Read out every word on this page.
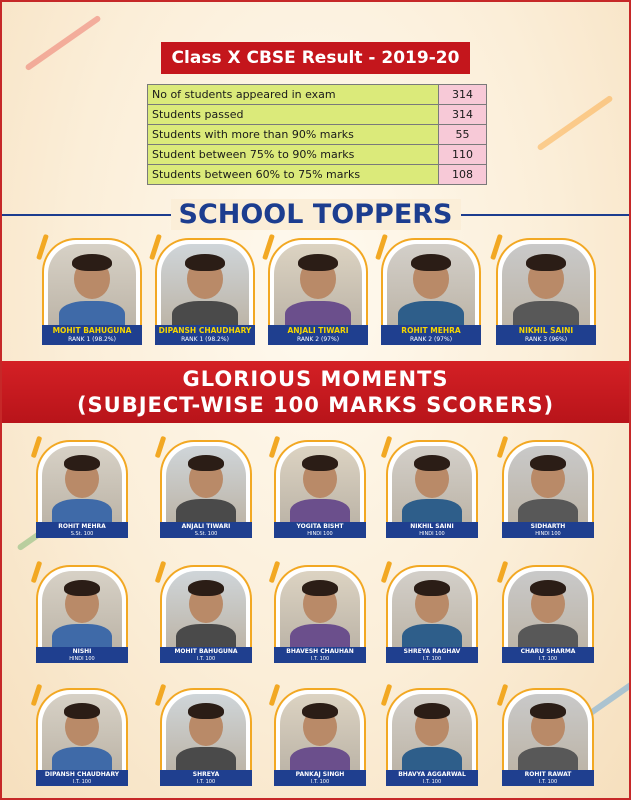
Class X CBSE Result - 2019-20
No of students appeared in exam	314
Students passed	314
Students with more than 90% marks	55
Student between 75% to 90% marks	110
Students between 60% to 75% marks	108
SCHOOL TOPPERS
MOHIT BAHUGUNA
RANK 1 (98.2%)
DIPANSH CHAUDHARY
RANK 1 (98.2%)
ANJALI TIWARI
RANK 2 (97%)
ROHIT MEHRA
RANK 2 (97%)
NIKHIL SAINI
RANK 3 (96%)
GLORIOUS MOMENTS
(SUBJECT-WISE 100 MARKS SCORERS)
ROHIT MEHRA
S.St. 100
ANJALI TIWARI
S.St. 100
YOGITA BISHT
HINDI 100
NIKHIL SAINI
HINDI 100
SIDHARTH
HINDI 100
NISHI
HINDI 100
MOHIT BAHUGUNA
I.T. 100
BHAVESH CHAUHAN
I.T. 100
SHREYA RAGHAV
I.T. 100
CHARU SHARMA
I.T. 100
DIPANSH CHAUDHARY
I.T. 100
SHREYA
I.T. 100
PANKAJ SINGH
I.T. 100
BHAVYA AGGARWAL
I.T. 100
ROHIT RAWAT
I.T. 100
